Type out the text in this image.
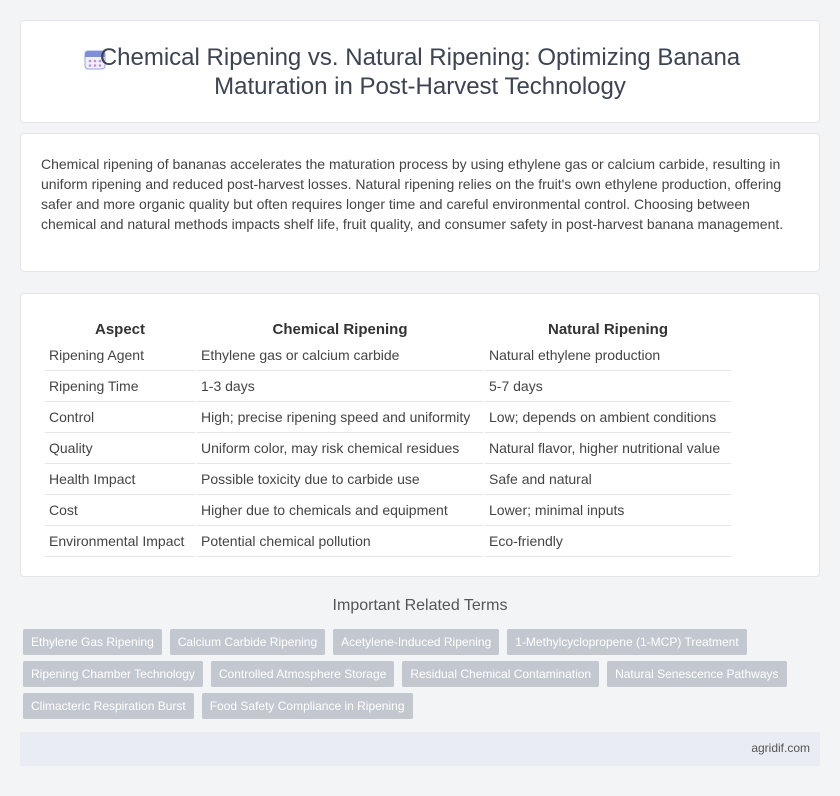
Chemical Ripening vs. Natural Ripening: Optimizing Banana
Maturation in Post-Harvest Technology

Chemical ripening of bananas accelerates the maturation process by using ethylene gas or calcium carbide, resulting in uniform ripening and reduced post-harvest losses. Natural ripening relies on the fruit's own ethylene production, offering safer and more organic quality but often requires longer time and careful environmental control. Choosing between chemical and natural methods impacts shelf life, fruit quality, and consumer safety in post-harvest banana management.

Aspect	Chemical Ripening	Natural Ripening
Ripening Agent	Ethylene gas or calcium carbide	Natural ethylene production
Ripening Time	1-3 days	5-7 days
Control	High; precise ripening speed and uniformity	Low; depends on ambient conditions
Quality	Uniform color, may risk chemical residues	Natural flavor, higher nutritional value
Health Impact	Possible toxicity due to carbide use	Safe and natural
Cost	Higher due to chemicals and equipment	Lower; minimal inputs
Environmental Impact	Potential chemical pollution	Eco-friendly
Important Related Terms
Ethylene Gas Ripening	Calcium Carbide Ripening	Acetylene-Induced Ripening	1-Methylcyclopropene (1-MCP) Treatment
Ripening Chamber Technology	Controlled Atmosphere Storage	Residual Chemical Contamination	Natural Senescence Pathways
Climacteric Respiration Burst	Food Safety Compliance in Ripening
agridif.com
